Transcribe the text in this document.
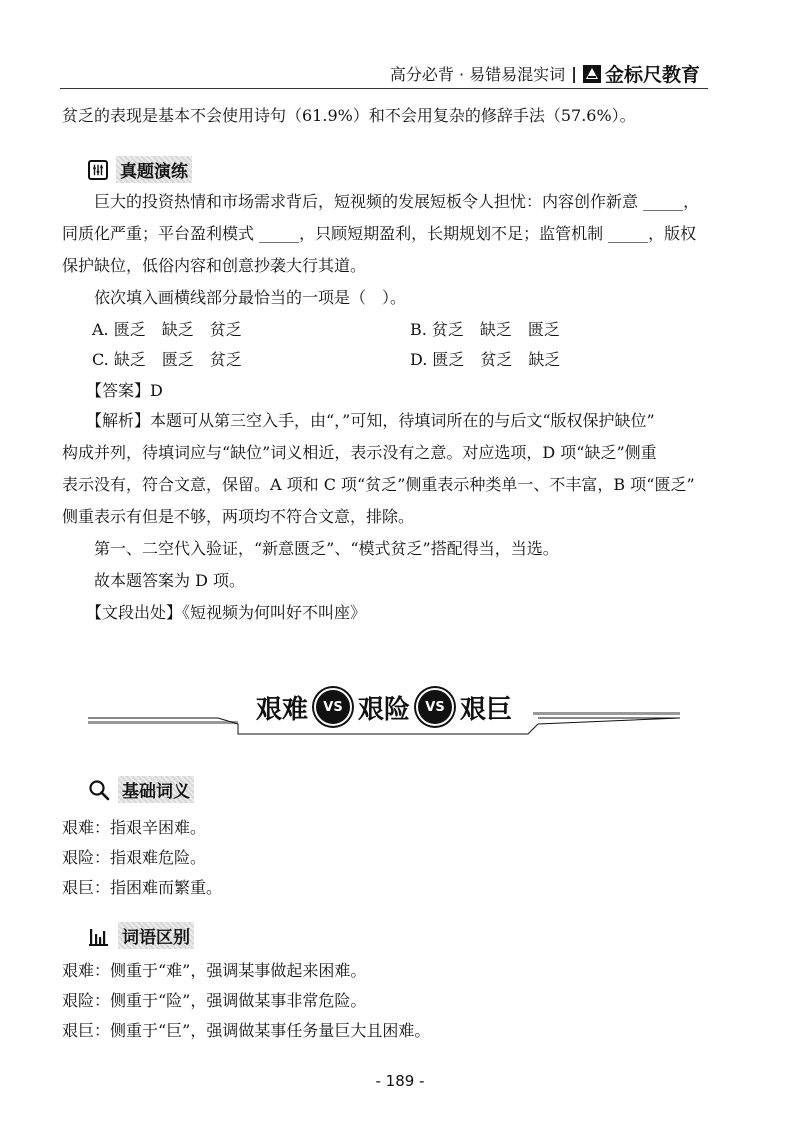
高分必背 · 易错易混实词 | 金标尺教育

贫乏的表现是基本不会使用诗句（61.9%）和不会用复杂的修辞手法（57.6%）。

真题演练

巨大的投资热情和市场需求背后，短视频的发展短板令人担忧：内容创作新意 _____，

同质化严重；平台盈利模式 _____，只顾短期盈利，长期规划不足；监管机制 _____，版权

保护缺位，低俗内容和创意抄袭大行其道。

依次填入画横线部分最恰当的一项是（　）。

A. 匮乏　缺乏　贫乏	B. 贫乏　缺乏　匮乏
C. 缺乏　匮乏　贫乏	D. 匮乏　贫乏　缺乏

【答案】D

【解析】本题可从第三空入手，由“，”可知，待填词所在的与后文“版权保护缺位”

构成并列，待填词应与“缺位”词义相近，表示没有之意。对应选项，D 项“缺乏”侧重

表示没有，符合文意，保留。A 项和 C 项“贫乏”侧重表示种类单一、不丰富，B 项“匮乏”

侧重表示有但是不够，两项均不符合文意，排除。

第一、二空代入验证，“新意匮乏”、“模式贫乏”搭配得当，当选。

故本题答案为 D 项。

【文段出处】《短视频为何叫好不叫座》

艰难	VS 艰险	VS 艰巨
基础词义

艰难：指艰辛困难。

艰险：指艰难危险。

艰巨：指困难而繁重。

词语区别

艰难：侧重于“难”，强调某事做起来困难。

艰险：侧重于“险”，强调做某事非常危险。

艰巨：侧重于“巨”，强调做某事任务量巨大且困难。

- 189 -
